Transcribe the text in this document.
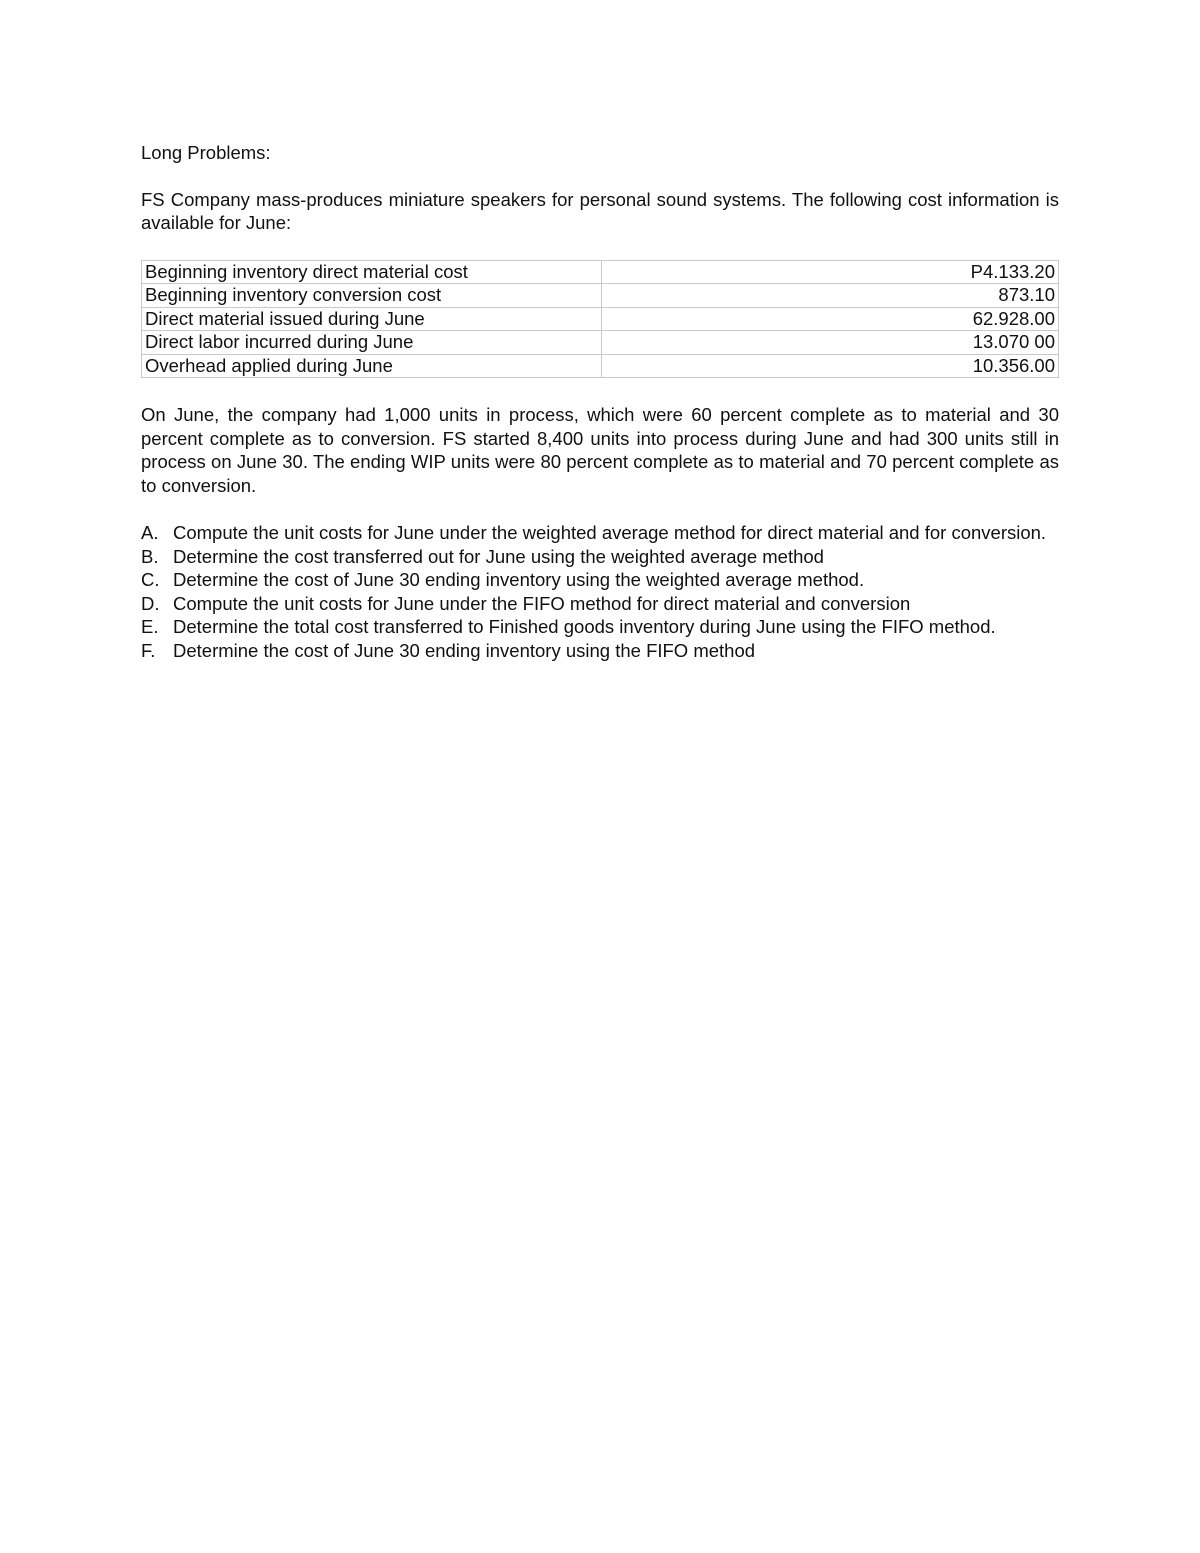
Long Problems:

FS Company mass-produces miniature speakers for personal sound systems. The following cost information is available for June:

Beginning inventory direct material cost	P4.133.20
Beginning inventory conversion cost	873.10
Direct material issued during June	62.928.00
Direct labor incurred during June	13.070 00
Overhead applied during June	10.356.00

On June, the company had 1,000 units in process, which were 60 percent complete as to material and 30 percent complete as to conversion. FS started 8,400 units into process during June and had 300 units still in process on June 30. The ending WIP units were 80 percent complete as to material and 70 percent complete as to conversion.

A. Compute the unit costs for June under the weighted average method for direct material and for conversion.
B. Determine the cost transferred out for June using the weighted average method
C. Determine the cost of June 30 ending inventory using the weighted average method.
D. Compute the unit costs for June under the FIFO method for direct material and conversion
E. Determine the total cost transferred to Finished goods inventory during June using the FIFO method.
F. Determine the cost of June 30 ending inventory using the FIFO method
